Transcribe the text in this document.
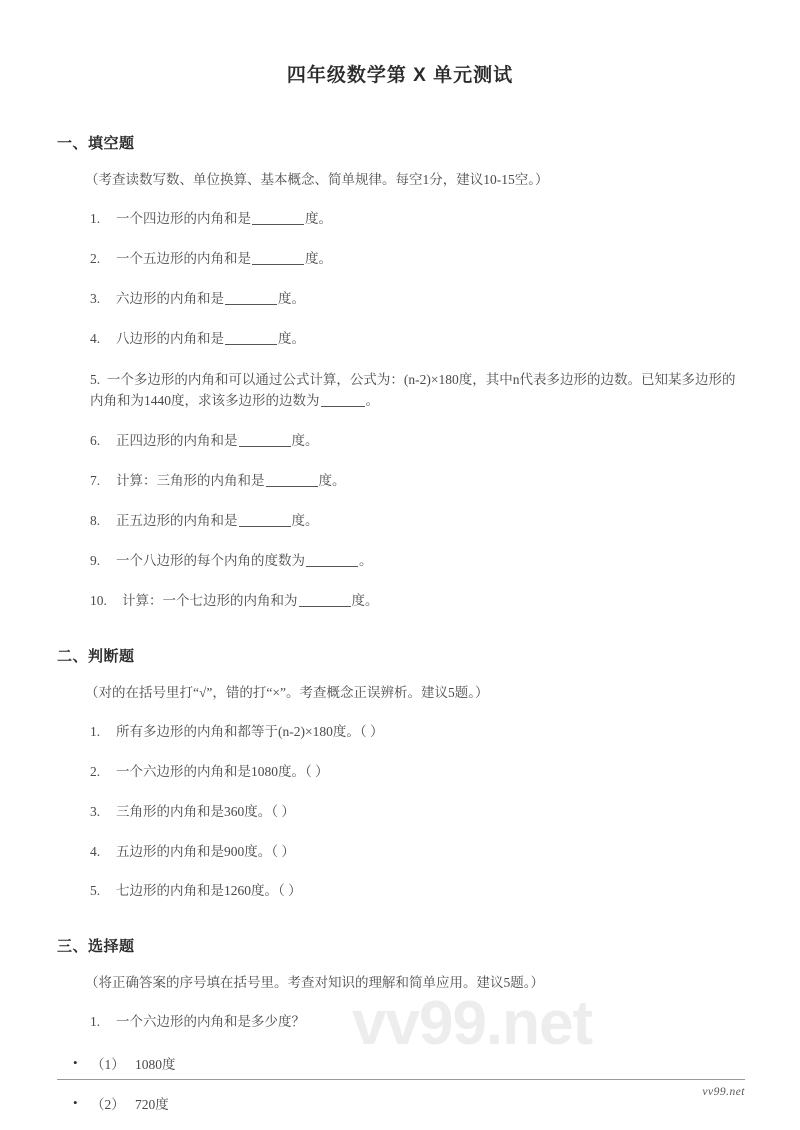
vv99.net
四年级数学第 X 单元测试
一、填空题

（考查读数写数、单位换算、基本概念、简单规律。每空1分，建议10-15空。）

1.	一个四边形的内角和是	度。
2.	一个五边形的内角和是	度。
3.	六边形的内角和是	度。
4.	八边形的内角和是	度。
5. 一个多边形的内角和可以通过公式计算，公式为：(n-2)×180度，其中n代表多边形的边数。已知某多边形的内角和为1440度，求该多边形的边数为	。
6.	正四边形的内角和是	度。
7.	计算：三角形的内角和是	度。
8.	正五边形的内角和是	度。
9.	一个八边形的每个内角的度数为	。
10.	计算：一个七边形的内角和为	度。
二、判断题

（对的在括号里打“√”，错的打“×”。考查概念正误辨析。建议5题。）

1.	所有多边形的内角和都等于(n-2)×180度。（ ）
2.	一个六边形的内角和是1080度。（ ）
3.	三角形的内角和是360度。（ ）
4.	五边形的内角和是900度。（ ）
5.	七边形的内角和是1260度。（ ）
三、选择题

（将正确答案的序号填在括号里。考查对知识的理解和简单应用。建议5题。）

1.	一个六边形的内角和是多少度？
• （1） 1080度
• （2） 720度
vv99.net
